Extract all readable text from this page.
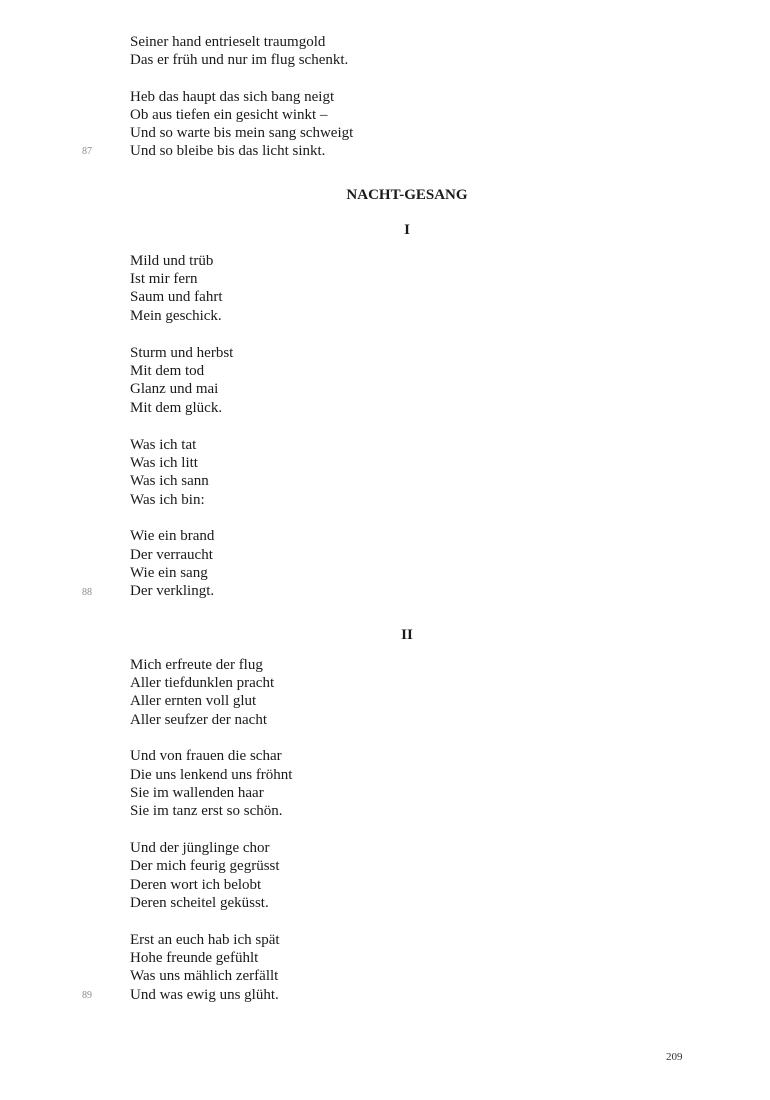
Seiner hand entrieselt traumgold
Das er früh und nur im flug schenkt.
Heb das haupt das sich bang neigt
Ob aus tiefen ein gesicht winkt –
Und so warte bis mein sang schweigt
Und so bleibe bis das licht sinkt.
87
NACHT-GESANG
I
Mild und trüb
Ist mir fern
Saum und fahrt
Mein geschick.
Sturm und herbst
Mit dem tod
Glanz und mai
Mit dem glück.
Was ich tat
Was ich litt
Was ich sann
Was ich bin:
Wie ein brand
Der verraucht
Wie ein sang
Der verklingt.
88
II
Mich erfreute der flug
Aller tiefdunklen pracht
Aller ernten voll glut
Aller seufzer der nacht
Und von frauen die schar
Die uns lenkend uns fröhnt
Sie im wallenden haar
Sie im tanz erst so schön.
Und der jünglinge chor
Der mich feurig gegrüsst
Deren wort ich belobt
Deren scheitel geküsst.
Erst an euch hab ich spät
Hohe freunde gefühlt
Was uns mählich zerfällt
Und was ewig uns glüht.
89
209
